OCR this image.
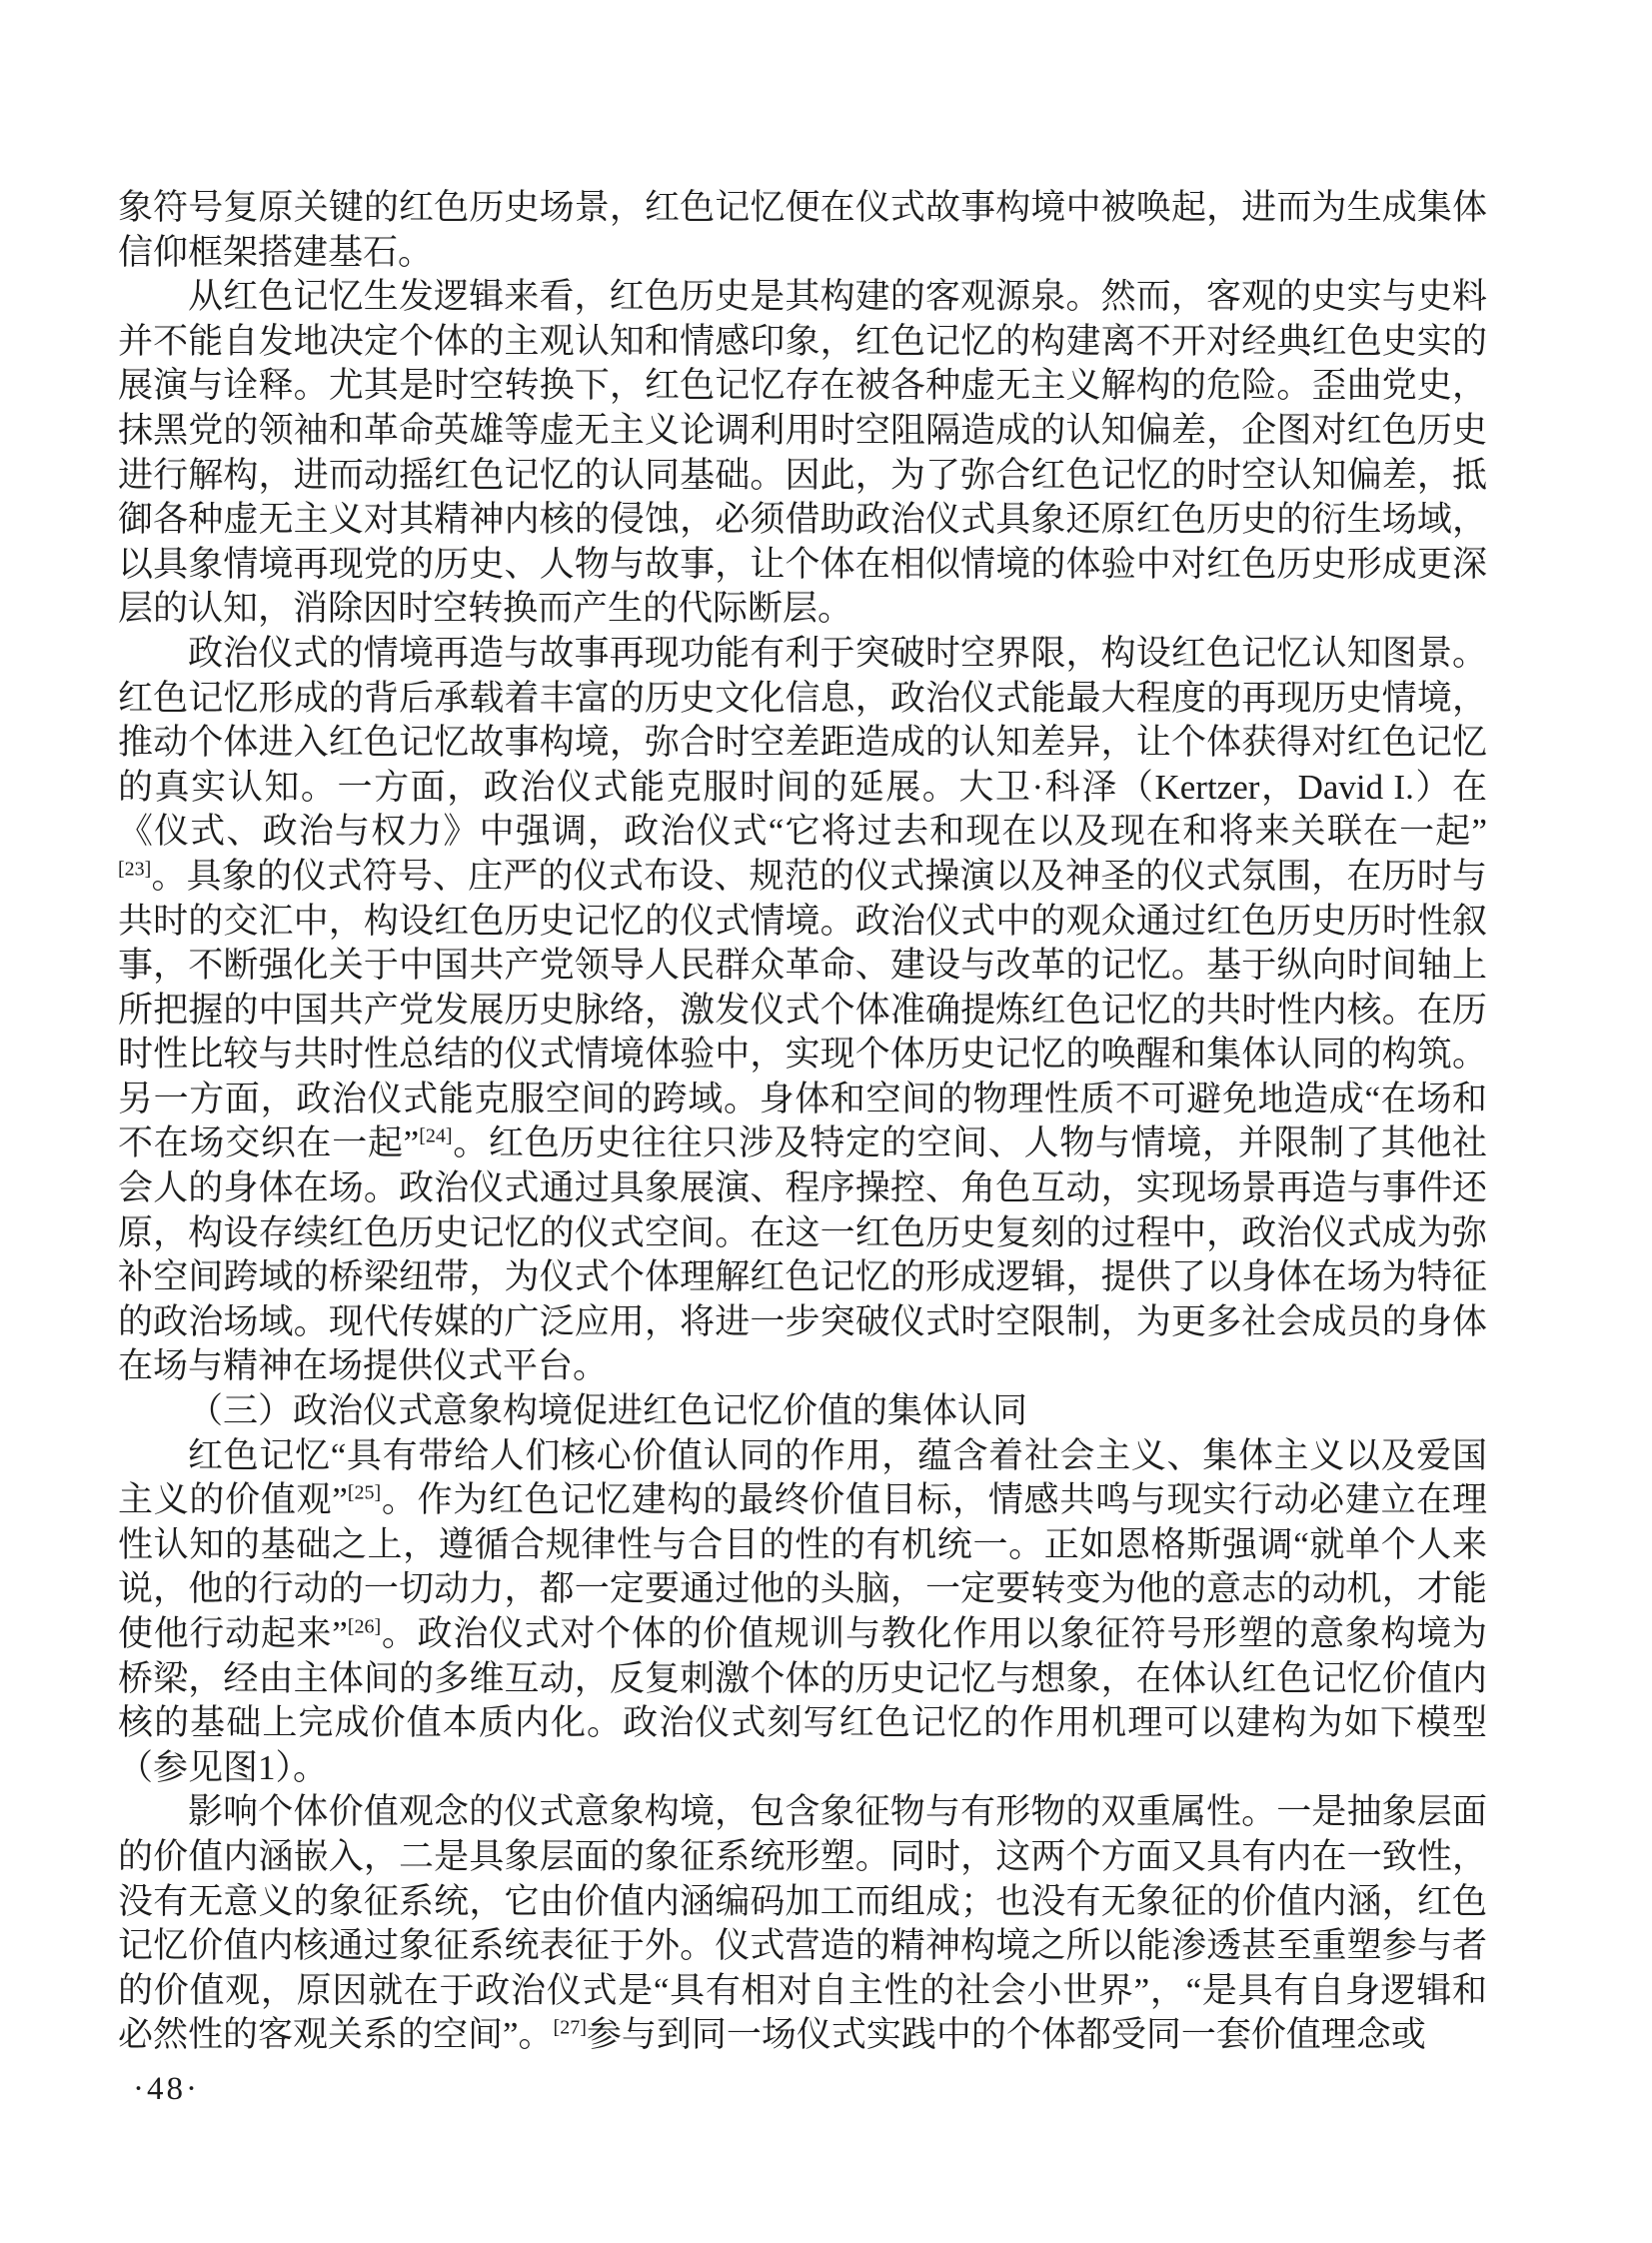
象符号复原关键的红色历史场景，红色记忆便在仪式故事构境中被唤起，进而为生成集体信仰框架搭建基石。

从红色记忆生发逻辑来看，红色历史是其构建的客观源泉。然而，客观的史实与史料并不能自发地决定个体的主观认知和情感印象，红色记忆的构建离不开对经典红色史实的展演与诠释。尤其是时空转换下，红色记忆存在被各种虚无主义解构的危险。歪曲党史，抹黑党的领袖和革命英雄等虚无主义论调利用时空阻隔造成的认知偏差，企图对红色历史进行解构，进而动摇红色记忆的认同基础。因此，为了弥合红色记忆的时空认知偏差，抵御各种虚无主义对其精神内核的侵蚀，必须借助政治仪式具象还原红色历史的衍生场域，以具象情境再现党的历史、人物与故事，让个体在相似情境的体验中对红色历史形成更深层的认知，消除因时空转换而产生的代际断层。

政治仪式的情境再造与故事再现功能有利于突破时空界限，构设红色记忆认知图景。红色记忆形成的背后承载着丰富的历史文化信息，政治仪式能最大程度的再现历史情境，推动个体进入红色记忆故事构境，弥合时空差距造成的认知差异，让个体获得对红色记忆的真实认知。一方面，政治仪式能克服时间的延展。大卫·科泽（Kertzer，David I.）在《仪式、政治与权力》中强调，政治仪式“它将过去和现在以及现在和将来关联在一起”[23]。具象的仪式符号、庄严的仪式布设、规范的仪式操演以及神圣的仪式氛围，在历时与共时的交汇中，构设红色历史记忆的仪式情境。政治仪式中的观众通过红色历史历时性叙事，不断强化关于中国共产党领导人民群众革命、建设与改革的记忆。基于纵向时间轴上所把握的中国共产党发展历史脉络，激发仪式个体准确提炼红色记忆的共时性内核。在历时性比较与共时性总结的仪式情境体验中，实现个体历史记忆的唤醒和集体认同的构筑。另一方面，政治仪式能克服空间的跨域。身体和空间的物理性质不可避免地造成“在场和不在场交织在一起”[24]。红色历史往往只涉及特定的空间、人物与情境，并限制了其他社会人的身体在场。政治仪式通过具象展演、程序操控、角色互动，实现场景再造与事件还原，构设存续红色历史记忆的仪式空间。在这一红色历史复刻的过程中，政治仪式成为弥补空间跨域的桥梁纽带，为仪式个体理解红色记忆的形成逻辑，提供了以身体在场为特征的政治场域。现代传媒的广泛应用，将进一步突破仪式时空限制，为更多社会成员的身体在场与精神在场提供仪式平台。

（三）政治仪式意象构境促进红色记忆价值的集体认同

红色记忆“具有带给人们核心价值认同的作用，蕴含着社会主义、集体主义以及爱国主义的价值观”[25]。作为红色记忆建构的最终价值目标，情感共鸣与现实行动必建立在理性认知的基础之上，遵循合规律性与合目的性的有机统一。正如恩格斯强调“就单个人来说，他的行动的一切动力，都一定要通过他的头脑，一定要转变为他的意志的动机，才能使他行动起来”[26]。政治仪式对个体的价值规训与教化作用以象征符号形塑的意象构境为桥梁，经由主体间的多维互动，反复刺激个体的历史记忆与想象，在体认红色记忆价值内核的基础上完成价值本质内化。政治仪式刻写红色记忆的作用机理可以建构为如下模型（参见图1）。

影响个体价值观念的仪式意象构境，包含象征物与有形物的双重属性。一是抽象层面的价值内涵嵌入，二是具象层面的象征系统形塑。同时，这两个方面又具有内在一致性，没有无意义的象征系统，它由价值内涵编码加工而组成；也没有无象征的价值内涵，红色记忆价值内核通过象征系统表征于外。仪式营造的精神构境之所以能渗透甚至重塑参与者的价值观，原因就在于政治仪式是“具有相对自主性的社会小世界”，“是具有自身逻辑和必然性的客观关系的空间”。[27]参与到同一场仪式实践中的个体都受同一套价值理念或

·48·
